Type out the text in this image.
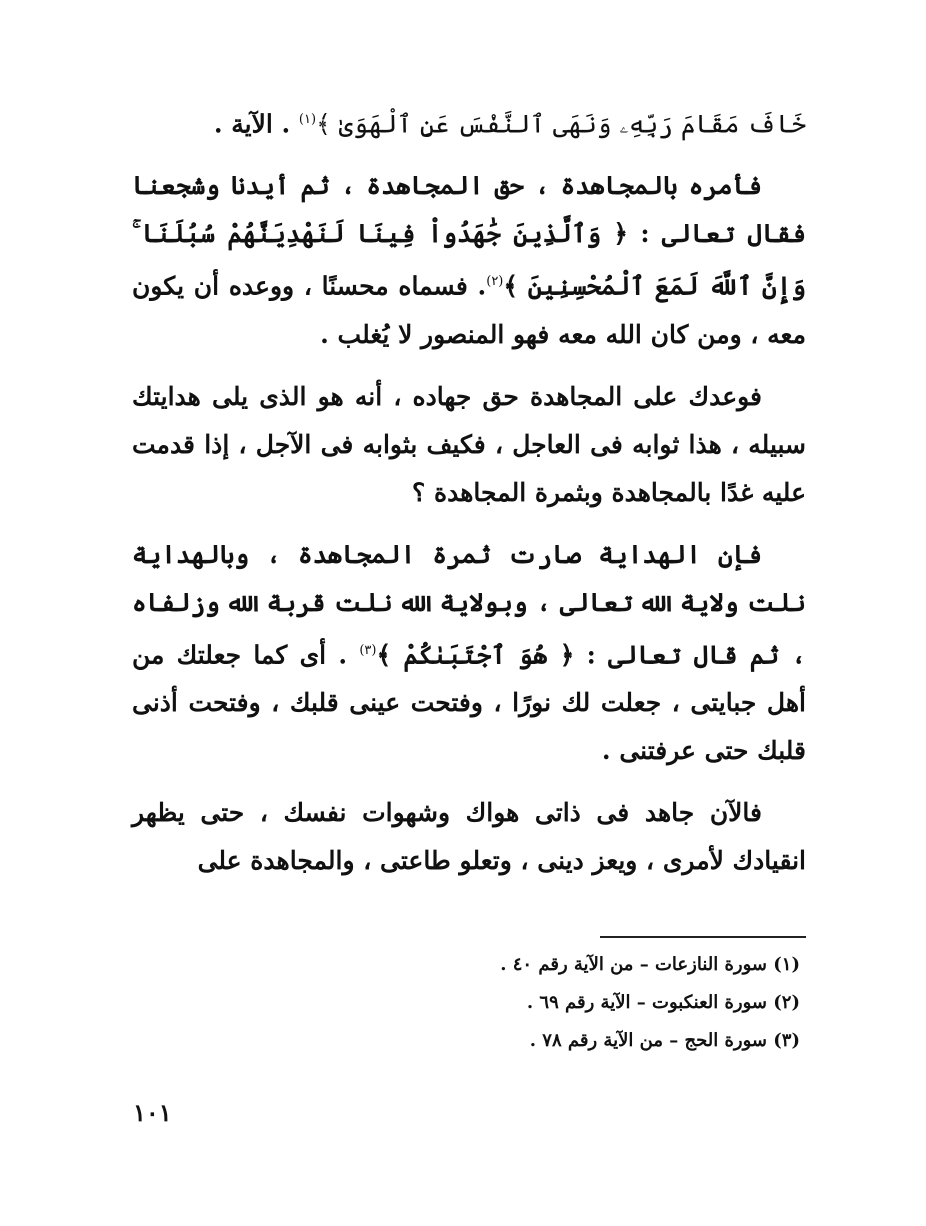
خَافَ مَقَامَ رَبِّهِۦ وَنَهَى ٱلنَّفْسَ عَنِ ٱلْهَوَىٰ ﴾$^{(١)}$ . الآية .

فأمره بالمجاهدة ، حق المجاهدة ، ثم أيدنا وشجعنا فقال تعالى : ﴿ وَٱلَّذِينَ جَٰهَدُواْ فِينَا لَنَهْدِيَنَّهُمْ سُبُلَنَا ۚ وَإِنَّ ٱللَّهَ لَمَعَ ٱلْمُحْسِنِينَ ﴾$^{(٢)}$. فسماه محسنًا ، ووعده أن يكون معه ، ومن كان الله معه فهو المنصور لا يُغلب .

فوعدك على المجاهدة حق جهاده ، أنه هو الذى يلى هدايتك سبيله ، هذا ثوابه فى العاجل ، فكيف بثوابه فى الآجل ، إذا قدمت عليه غدًا بالمجاهدة وبثمرة المجاهدة ؟

فإن الهداية صارت ثمرة المجاهدة ، وبالهداية نلت ولاية الله تعالى ، وبولاية الله نلت قربة الله وزلفاه ، ثم قال تعالى : ﴿ هُوَ ٱجْتَبَىٰكُمْ ﴾$^{(٣)}$ . أى كما جعلتك من أهل جبايتى ، جعلت لك نورًا ، وفتحت عينى قلبك ، وفتحت أذنى قلبك حتى عرفتنى .

فالآن جاهد فى ذاتى هواك وشهوات نفسك ، حتى يظهر انقيادك لأمرى ، ويعز دينى ، وتعلو طاعتى ، والمجاهدة على

(١) سورة النازعات – من الآية رقم ٤٠ .
(٢) سورة العنكبوت – الآية رقم ٦٩ .
(٣) سورة الحج – من الآية رقم ٧٨ .
١٠١
